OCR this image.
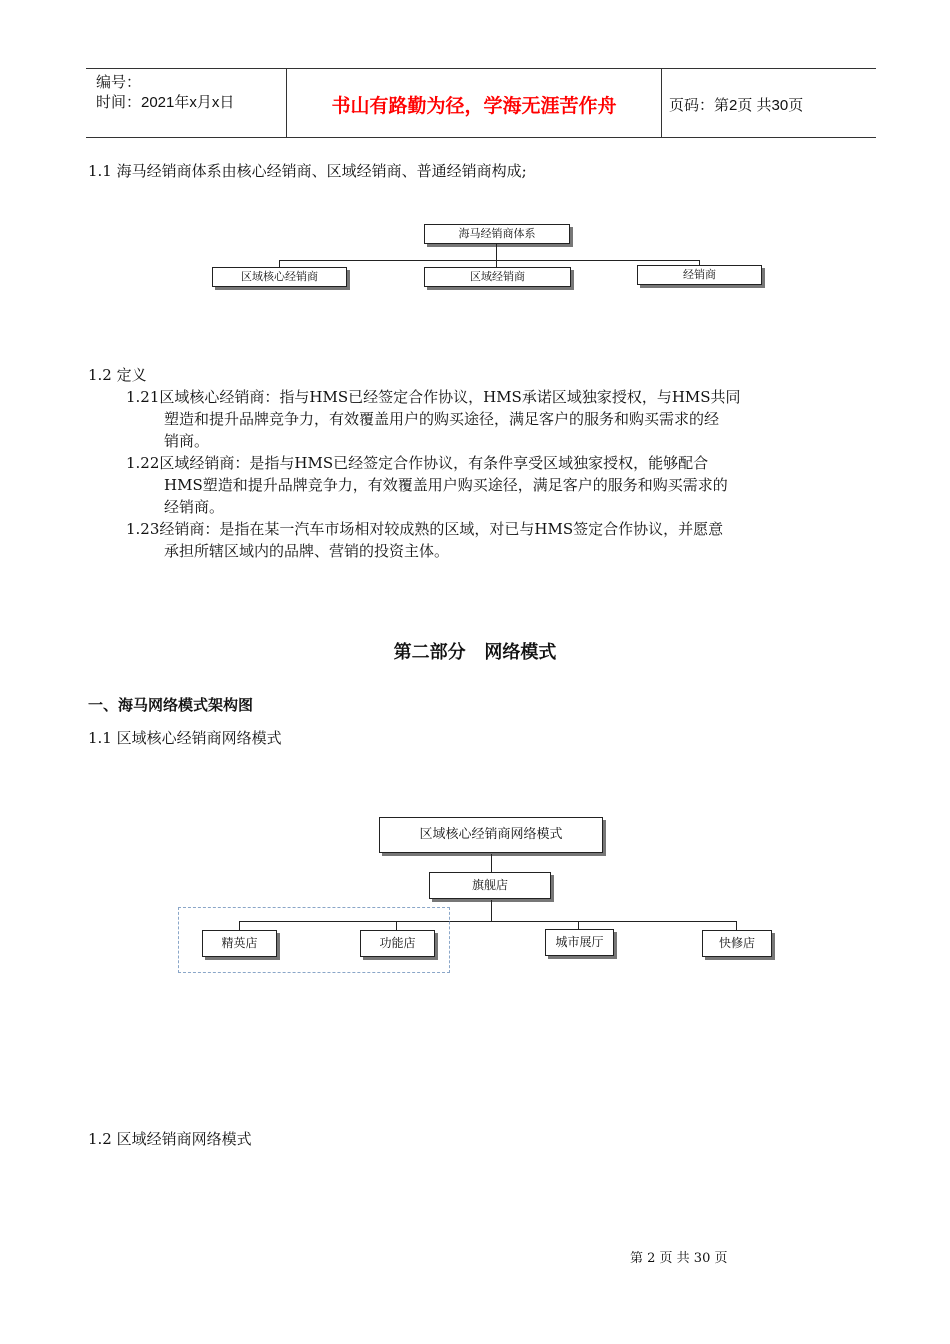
编号：
时间：2021年x月x日	书山有路勤为径，学海无涯苦作舟	页码：第2页 共30页
1.1 海马经销商体系由核心经销商、区域经销商、普通经销商构成;
海马经销商体系
区域核心经销商	区域经销商	经销商
1.2 定义
1.21区域核心经销商：指与HMS已经签定合作协议，HMS承诺区域独家授权，与HMS共同
塑造和提升品牌竞争力，有效覆盖用户的购买途径，满足客户的服务和购买需求的经
销商。
1.22区域经销商：是指与HMS已经签定合作协议，有条件享受区域独家授权，能够配合
HMS塑造和提升品牌竞争力，有效覆盖用户购买途径，满足客户的服务和购买需求的
经销商。
1.23经销商：是指在某一汽车市场相对较成熟的区域，对已与HMS签定合作协议，并愿意
承担所辖区域内的品牌、营销的投资主体。
第二部分   网络模式
一、海马网络模式架构图
1.1 区域核心经销商网络模式
区域核心经销商网络模式
旗舰店
精英店	功能店	城市展厅	快修店
1.2 区域经销商网络模式
第 2 页 共 30 页
